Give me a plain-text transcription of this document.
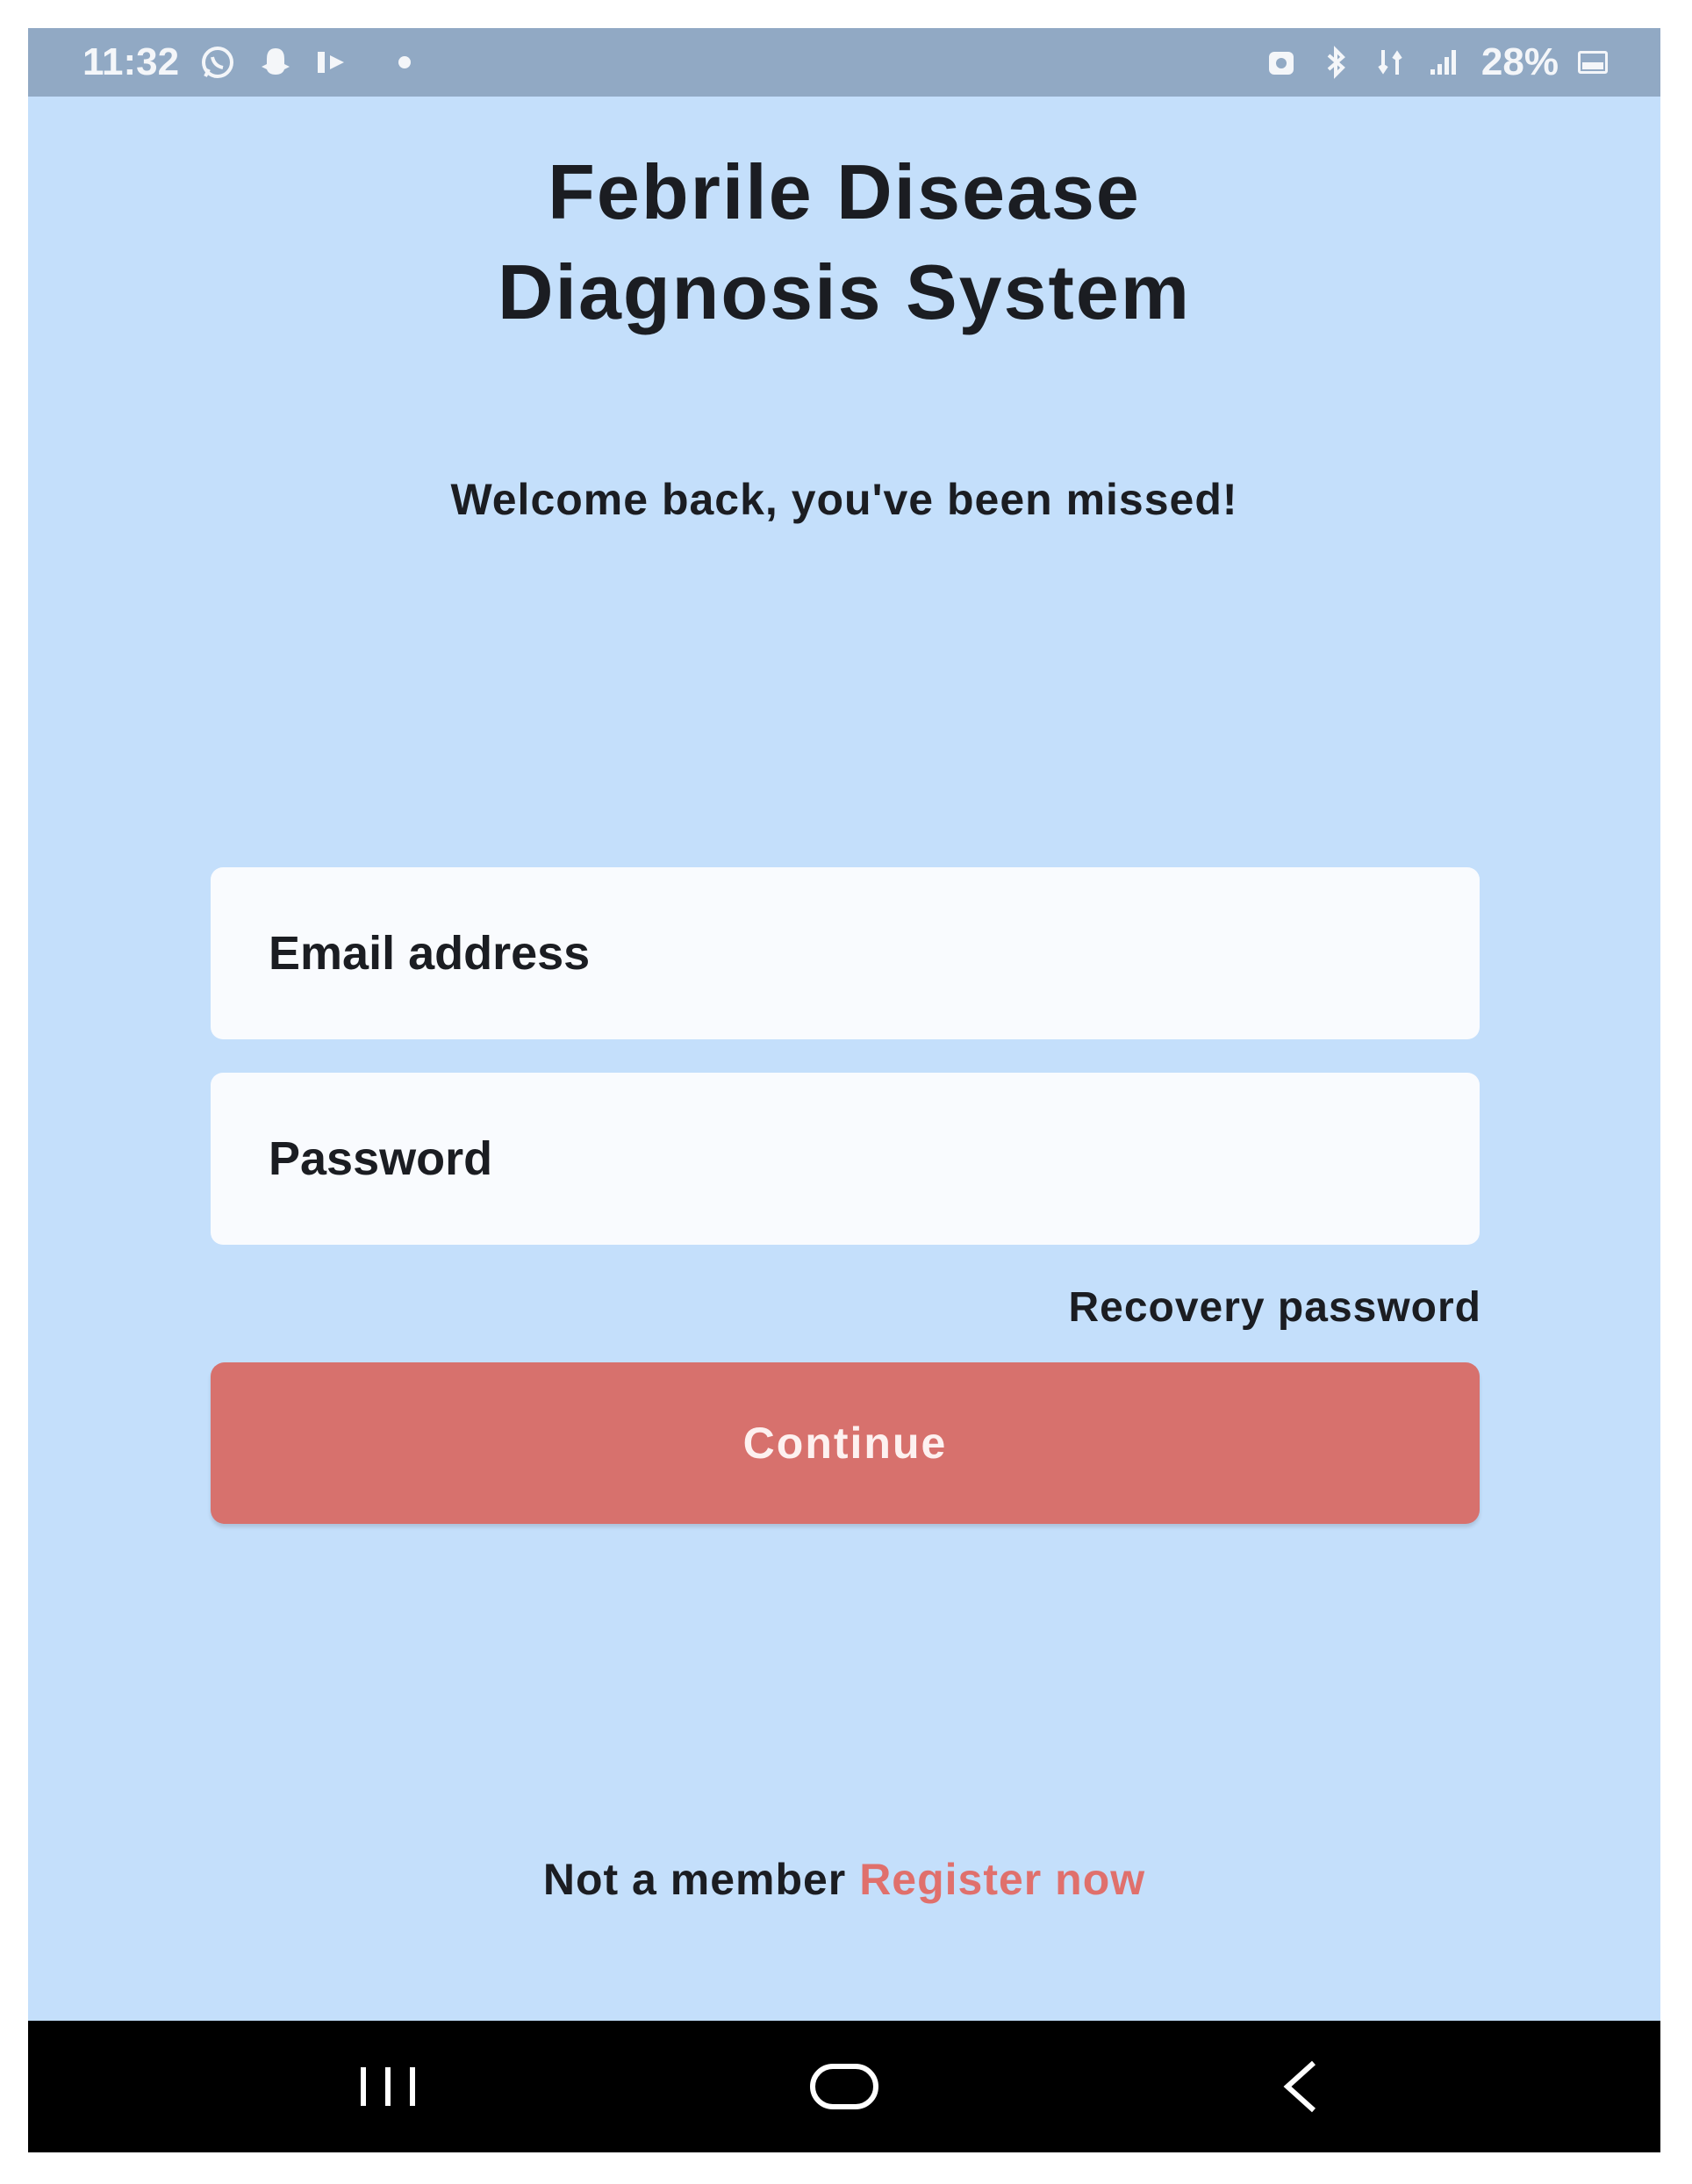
11:32	28%
Febrile Disease
Diagnosis System
Welcome back, you've been missed!
Email address
Recovery password
Continue
Not a member Register now
